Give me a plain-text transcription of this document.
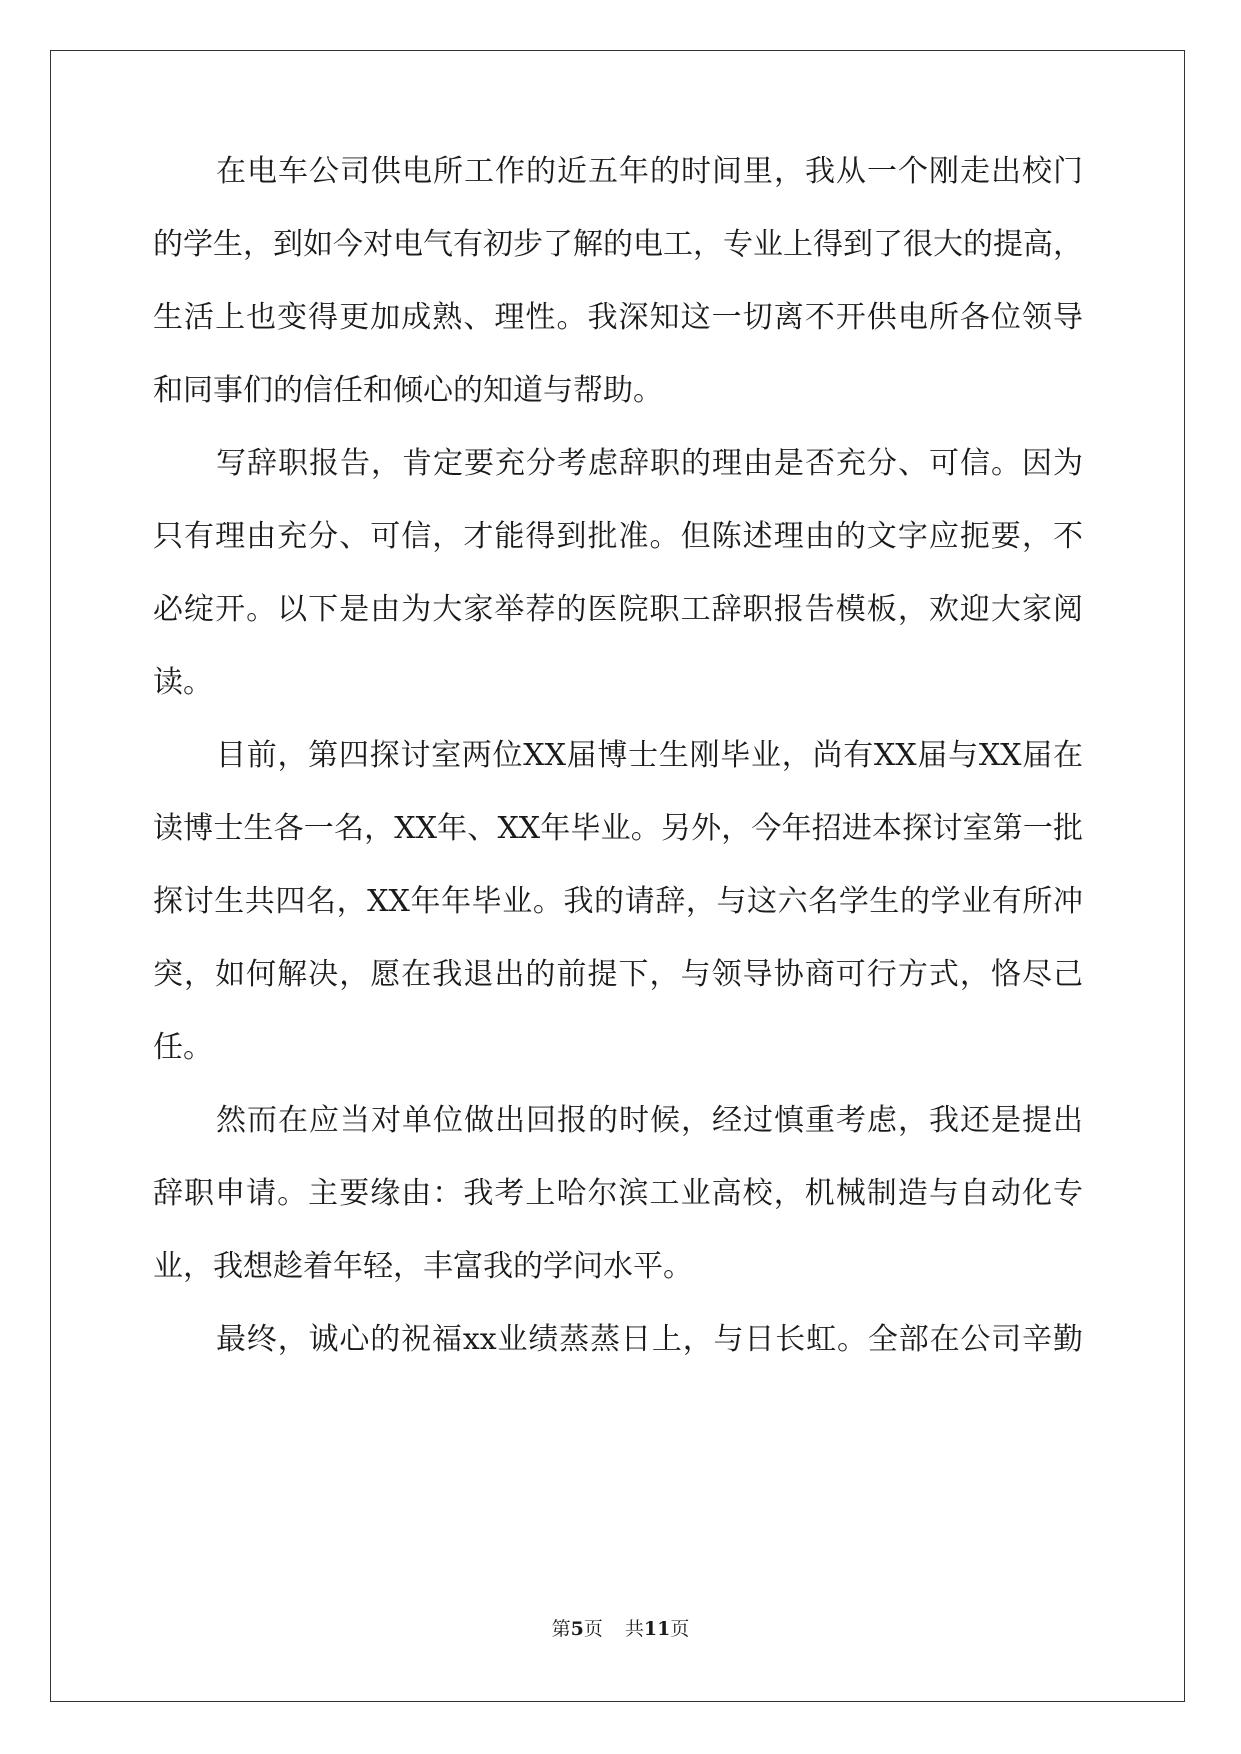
在电车公司供电所工作的近五年的时间里，我从一个刚走出校门
的学生，到如今对电气有初步了解的电工，专业上得到了很大的提高，
生活上也变得更加成熟、理性。我深知这一切离不开供电所各位领导
和同事们的信任和倾心的知道与帮助。
写辞职报告，肯定要充分考虑辞职的理由是否充分、可信。因为
只有理由充分、可信，才能得到批准。但陈述理由的文字应扼要，不
必绽开。以下是由为大家举荐的医院职工辞职报告模板，欢迎大家阅
读。
目前，第四探讨室两位XX届博士生刚毕业，尚有XX届与XX届在
读博士生各一名，XX年、XX年毕业。另外，今年招进本探讨室第一批
探讨生共四名，XX年年毕业。我的请辞，与这六名学生的学业有所冲
突，如何解决，愿在我退出的前提下，与领导协商可行方式，恪尽己
任。
然而在应当对单位做出回报的时候，经过慎重考虑，我还是提出
辞职申请。主要缘由：我考上哈尔滨工业高校，机械制造与自动化专
业，我想趁着年轻，丰富我的学问水平。
最终，诚心的祝福xx业绩蒸蒸日上，与日长虹。全部在公司辛勤
第5页 共11页
